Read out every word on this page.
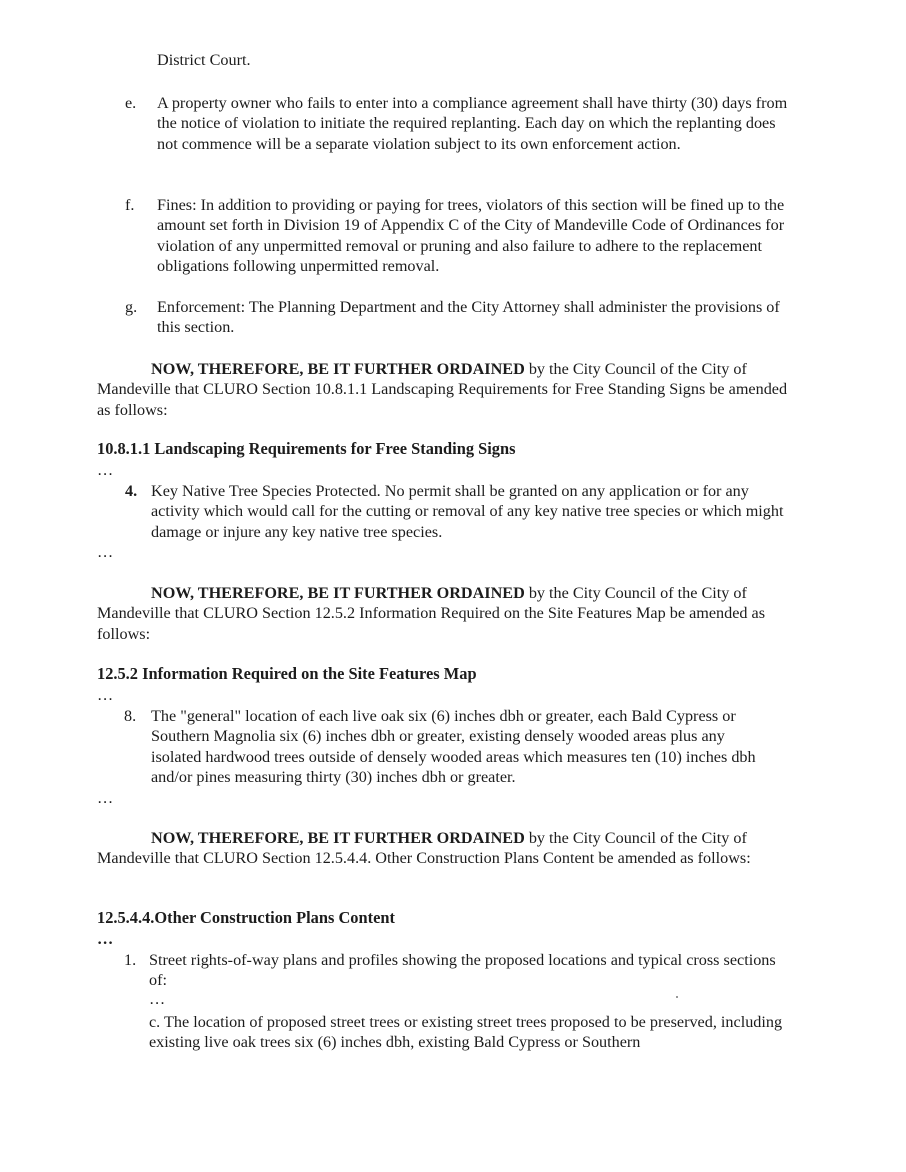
District Court.
e. A property owner who fails to enter into a compliance agreement shall have thirty (30) days from the notice of violation to initiate the required replanting. Each day on which the replanting does not commence will be a separate violation subject to its own enforcement action.
f. Fines: In addition to providing or paying for trees, violators of this section will be fined up to the amount set forth in Division 19 of Appendix C of the City of Mandeville Code of Ordinances for violation of any unpermitted removal or pruning and also failure to adhere to the replacement obligations following unpermitted removal.
g. Enforcement: The Planning Department and the City Attorney shall administer the provisions of this section.
NOW, THEREFORE, BE IT FURTHER ORDAINED by the City Council of the City of Mandeville that CLURO Section 10.8.1.1 Landscaping Requirements for Free Standing Signs be amended as follows:
10.8.1.1 Landscaping Requirements for Free Standing Signs
…
4. Key Native Tree Species Protected. No permit shall be granted on any application or for any activity which would call for the cutting or removal of any key native tree species or which might damage or injure any key native tree species.
…
NOW, THEREFORE, BE IT FURTHER ORDAINED by the City Council of the City of Mandeville that CLURO Section 12.5.2 Information Required on the Site Features Map be amended as follows:
12.5.2 Information Required on the Site Features Map
…
8. The "general" location of each live oak six (6) inches dbh or greater, each Bald Cypress or Southern Magnolia six (6) inches dbh or greater, existing densely wooded areas plus any isolated hardwood trees outside of densely wooded areas which measures ten (10) inches dbh and/or pines measuring thirty (30) inches dbh or greater.
…
NOW, THEREFORE, BE IT FURTHER ORDAINED by the City Council of the City of Mandeville that CLURO Section 12.5.4.4. Other Construction Plans Content be amended as follows:
12.5.4.4.Other Construction Plans Content
…
1. Street rights-of-way plans and profiles showing the proposed locations and typical cross sections of:
…
c. The location of proposed street trees or existing street trees proposed to be preserved, including existing live oak trees six (6) inches dbh, existing Bald Cypress or Southern
